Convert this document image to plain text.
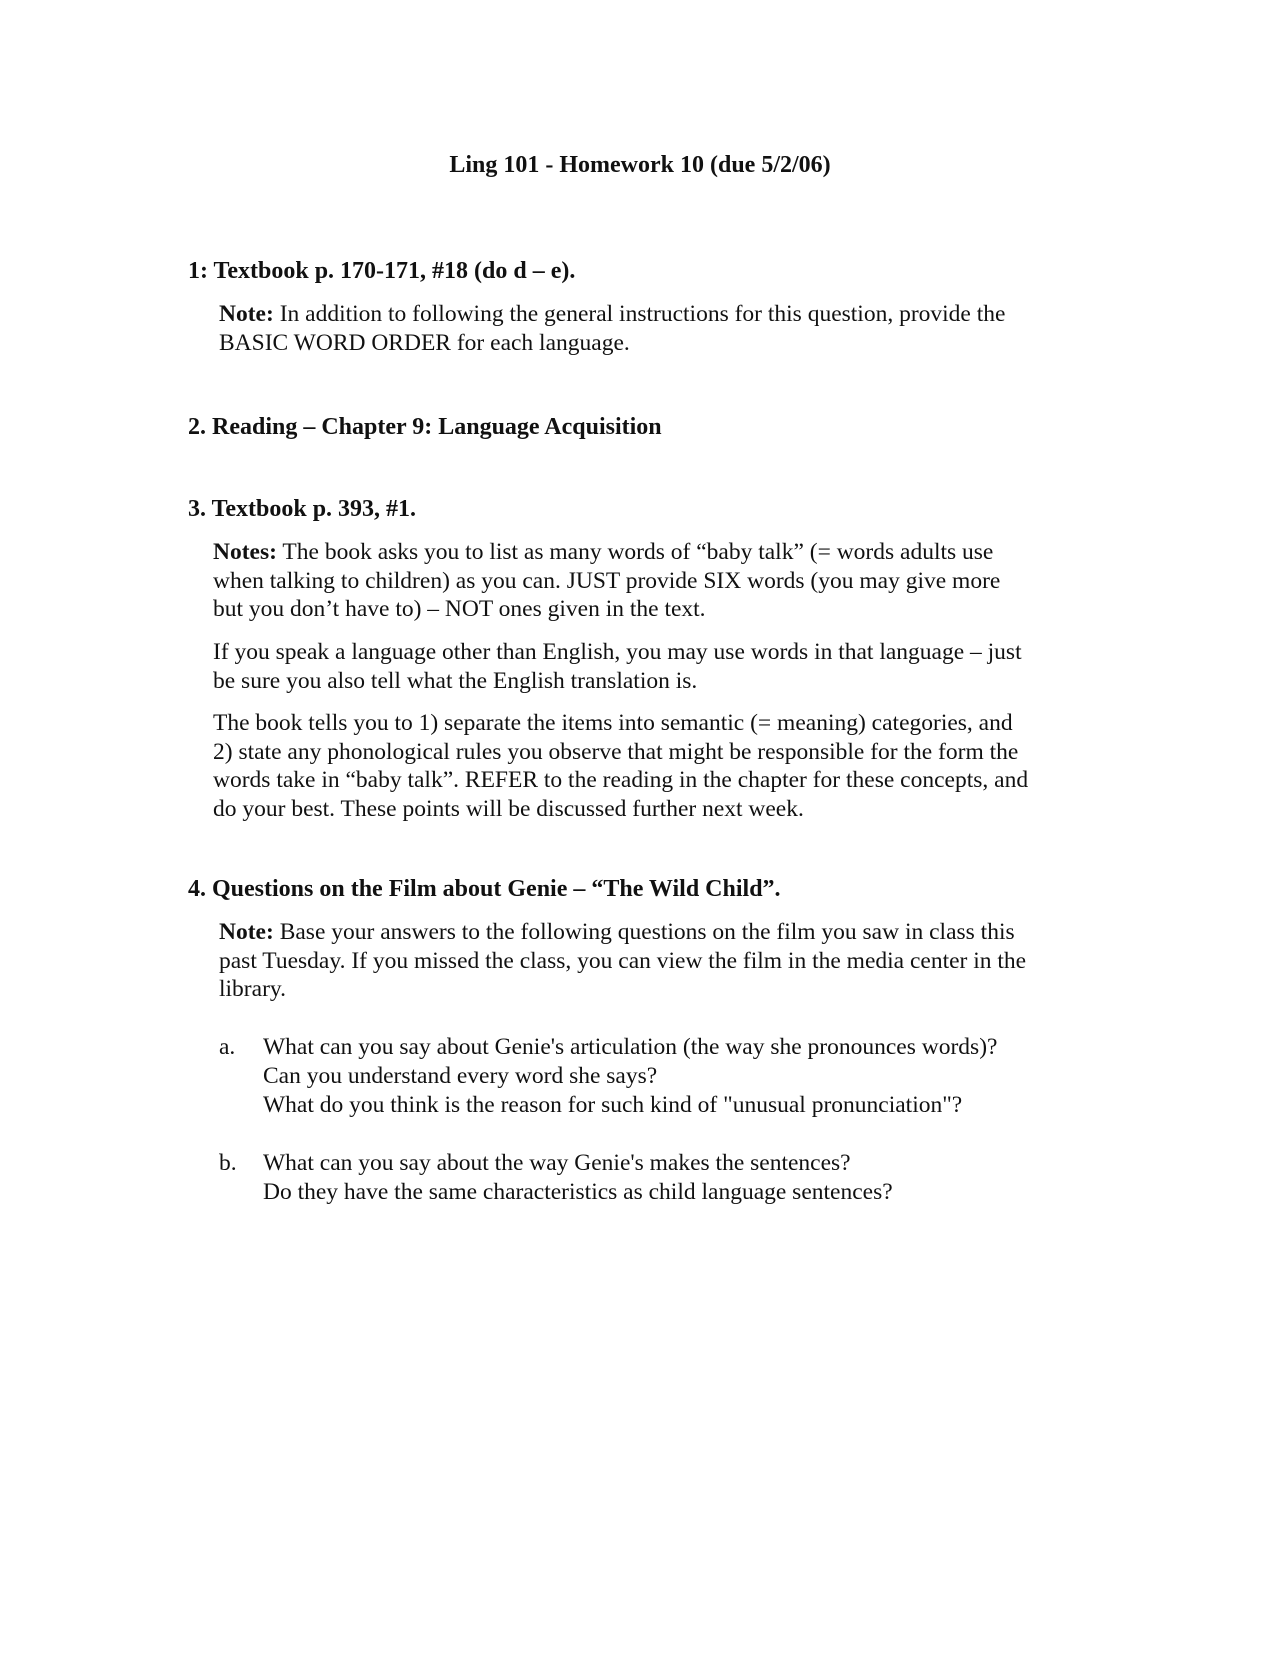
Ling 101 - Homework 10 (due 5/2/06)
1: Textbook p. 170-171, #18 (do d – e).
Note: In addition to following the general instructions for this question, provide the
BASIC WORD ORDER for each language.
2. Reading – Chapter 9: Language Acquisition
3. Textbook p. 393, #1.
Notes: The book asks you to list as many words of “baby talk” (= words adults use
when talking to children) as you can. JUST provide SIX words (you may give more
but you don’t have to) – NOT ones given in the text.
If you speak a language other than English, you may use words in that language – just
be sure you also tell what the English translation is.
The book tells you to 1) separate the items into semantic (= meaning) categories, and
2) state any phonological rules you observe that might be responsible for the form the
words take in “baby talk”. REFER to the reading in the chapter for these concepts, and
do your best. These points will be discussed further next week.
4. Questions on the Film about Genie – “The Wild Child”.
Note: Base your answers to the following questions on the film you saw in class this
past Tuesday. If you missed the class, you can view the film in the media center in the
library.
a. What can you say about Genie's articulation (the way she pronounces words)?
Can you understand every word she says?
What do you think is the reason for such kind of "unusual pronunciation"?
b. What can you say about the way Genie's makes the sentences?
Do they have the same characteristics as child language sentences?
